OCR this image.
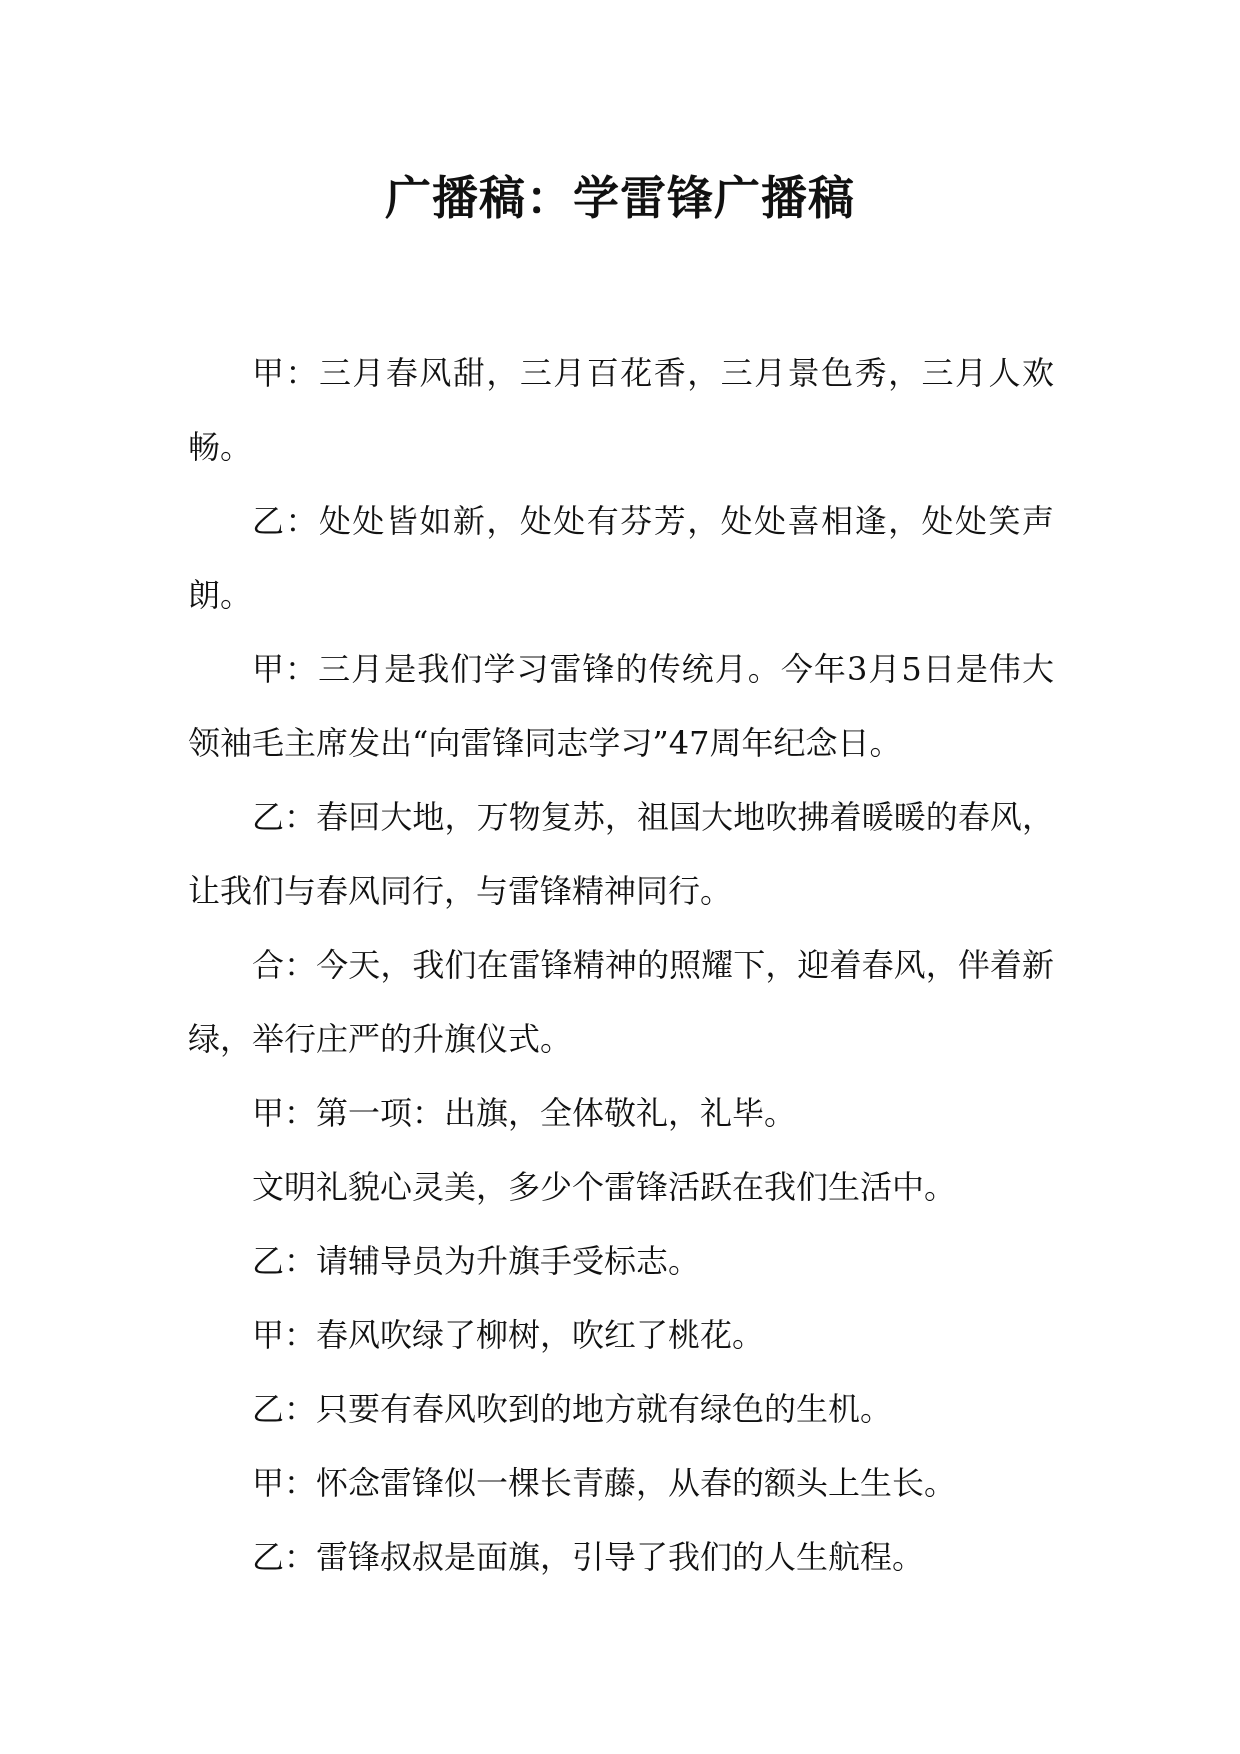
广播稿：学雷锋广播稿

甲：三月春风甜，三月百花香，三月景色秀，三月人欢畅。

乙：处处皆如新，处处有芬芳，处处喜相逢，处处笑声朗。

甲：三月是我们学习雷锋的传统月。今年3月5日是伟大领袖毛主席发出“向雷锋同志学习”47周年纪念日。

乙：春回大地，万物复苏，祖国大地吹拂着暖暖的春风，让我们与春风同行，与雷锋精神同行。

合：今天，我们在雷锋精神的照耀下，迎着春风，伴着新绿，举行庄严的升旗仪式。

甲：第一项：出旗，全体敬礼，礼毕。

文明礼貌心灵美，多少个雷锋活跃在我们生活中。

乙：请辅导员为升旗手受标志。

甲：春风吹绿了柳树，吹红了桃花。

乙：只要有春风吹到的地方就有绿色的生机。

甲：怀念雷锋似一棵长青藤，从春的额头上生长。

乙：雷锋叔叔是面旗，引导了我们的人生航程。
